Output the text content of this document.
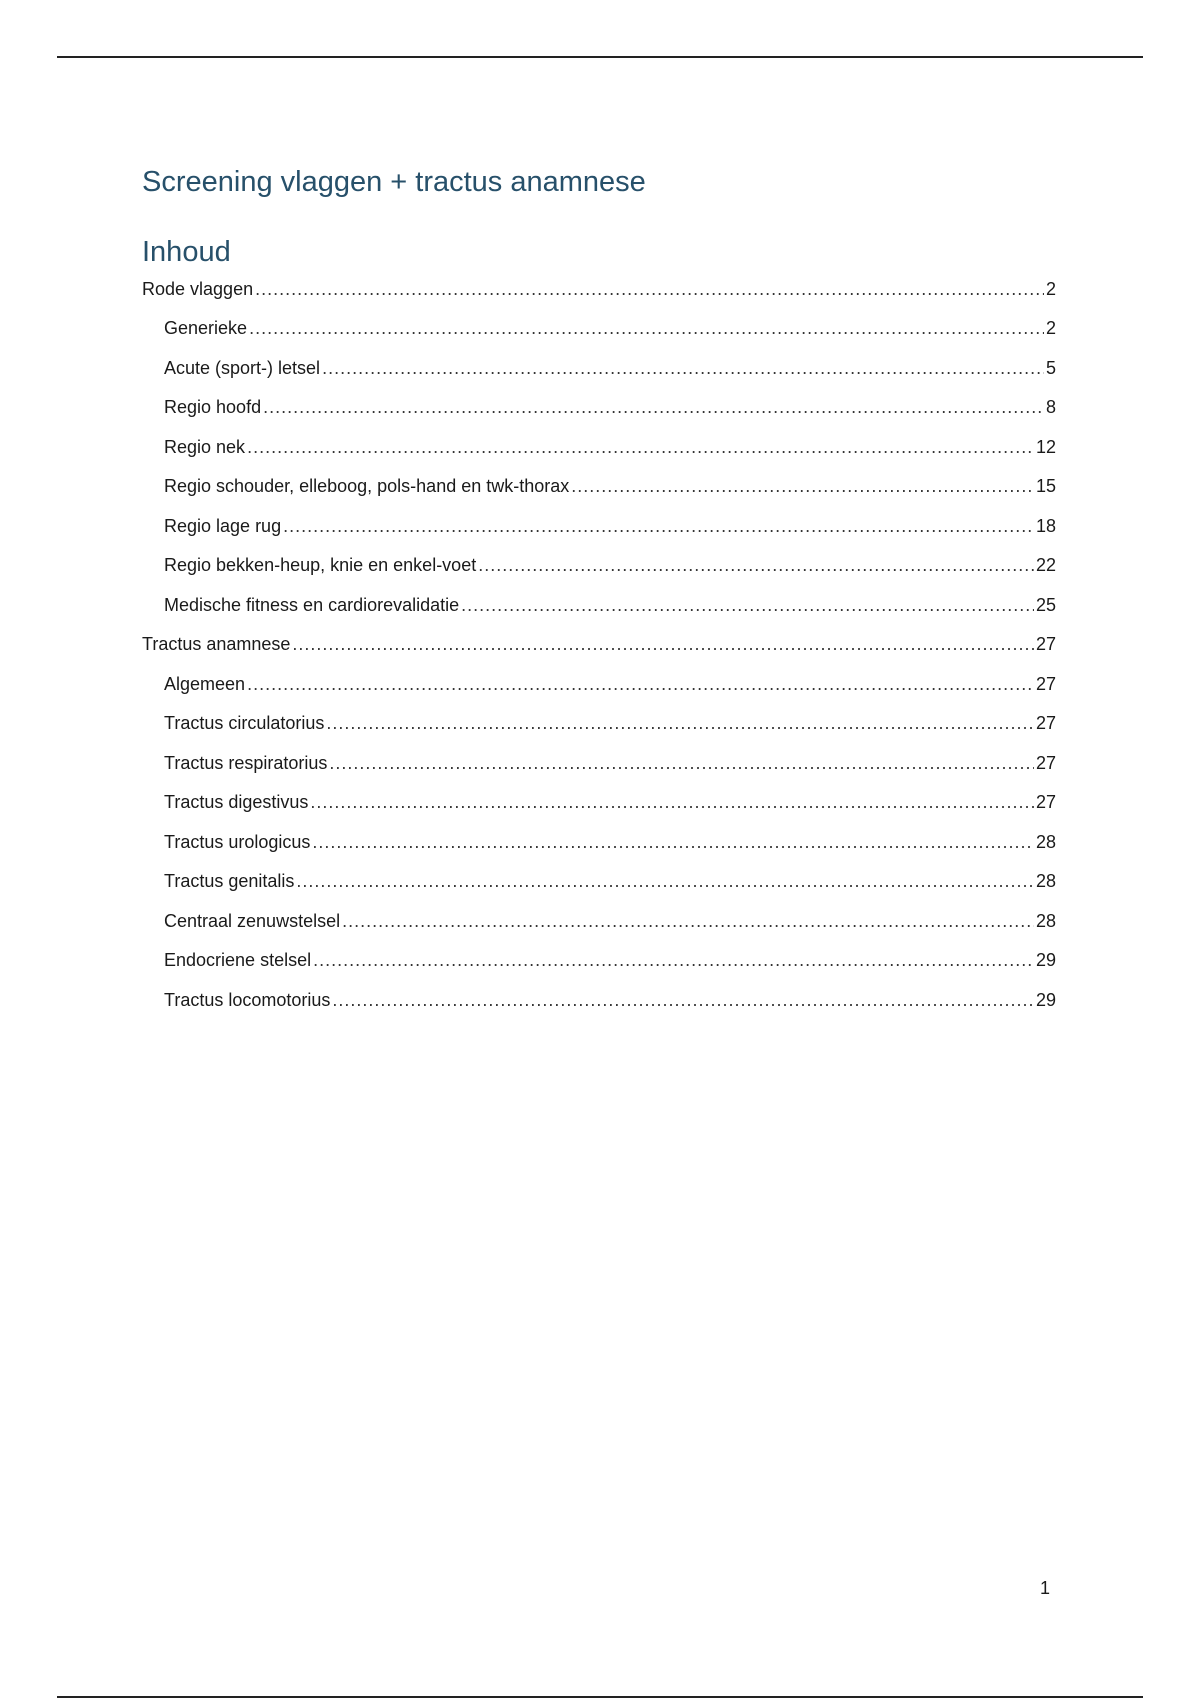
Screening vlaggen + tractus anamnese
Inhoud
Rode vlaggen .....	2
Generieke .....	2
Acute (sport-) letsel .....	5
Regio hoofd .....	8
Regio nek .....	12
Regio schouder, elleboog, pols-hand en twk-thorax .....	15
Regio lage rug .....	18
Regio bekken-heup, knie en enkel-voet .....	22
Medische fitness en cardiorevalidatie .....	25
Tractus anamnese .....	27
Algemeen .....	27
Tractus circulatorius .....	27
Tractus respiratorius .....	27
Tractus digestivus .....	27
Tractus urologicus .....	28
Tractus genitalis .....	28
Centraal zenuwstelsel .....	28
Endocriene stelsel .....	29
Tractus locomotorius .....	29
1
